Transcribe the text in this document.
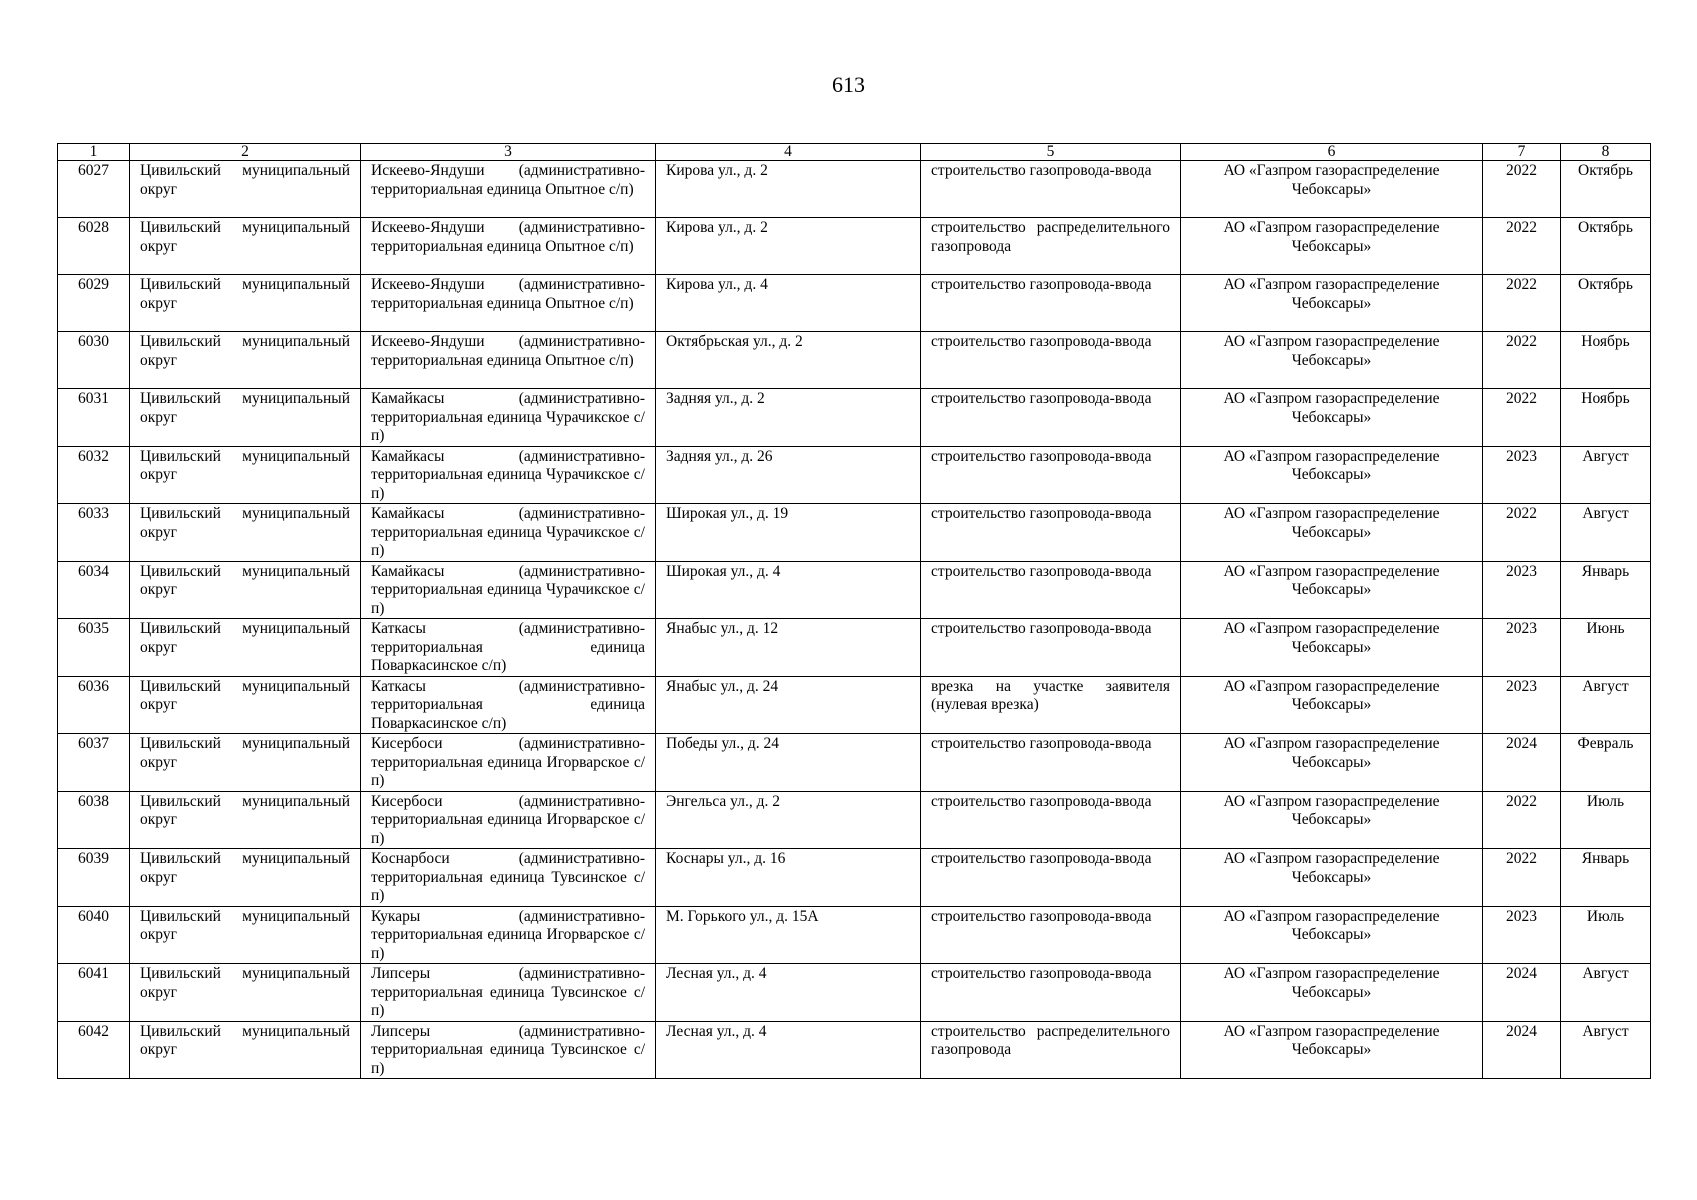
613
1	2	3	4	5	6	7	8
6027	Цивильский муниципальный округ	Искеево-Яндуши (административно-территориальная единица Опытное с/п)	Кирова ул., д. 2	строительство газопровода-ввода	АО «Газпром газораспределение Чебоксары»	2022	Октябрь
6028	Цивильский муниципальный округ	Искеево-Яндуши (административно-территориальная единица Опытное с/п)	Кирова ул., д. 2	строительство распределительного газопровода	АО «Газпром газораспределение Чебоксары»	2022	Октябрь
6029	Цивильский муниципальный округ	Искеево-Яндуши (административно-территориальная единица Опытное с/п)	Кирова ул., д. 4	строительство газопровода-ввода	АО «Газпром газораспределение Чебоксары»	2022	Октябрь
6030	Цивильский муниципальный округ	Искеево-Яндуши (административно-территориальная единица Опытное с/п)	Октябрьская ул., д. 2	строительство газопровода-ввода	АО «Газпром газораспределение Чебоксары»	2022	Ноябрь
6031	Цивильский муниципальный округ	Камайкасы (административно-территориальная единица Чурачикское с/п)	Задняя ул., д. 2	строительство газопровода-ввода	АО «Газпром газораспределение Чебоксары»	2022	Ноябрь
6032	Цивильский муниципальный округ	Камайкасы (административно-территориальная единица Чурачикское с/п)	Задняя ул., д. 26	строительство газопровода-ввода	АО «Газпром газораспределение Чебоксары»	2023	Август
6033	Цивильский муниципальный округ	Камайкасы (административно-территориальная единица Чурачикское с/п)	Широкая ул., д. 19	строительство газопровода-ввода	АО «Газпром газораспределение Чебоксары»	2022	Август
6034	Цивильский муниципальный округ	Камайкасы (административно-территориальная единица Чурачикское с/п)	Широкая ул., д. 4	строительство газопровода-ввода	АО «Газпром газораспределение Чебоксары»	2023	Январь
6035	Цивильский муниципальный округ	Каткасы (административно-территориальная единица Поваркасинское с/п)	Янабыс ул., д. 12	строительство газопровода-ввода	АО «Газпром газораспределение Чебоксары»	2023	Июнь
6036	Цивильский муниципальный округ	Каткасы (административно-территориальная единица Поваркасинское с/п)	Янабыс ул., д. 24	врезка на участке заявителя (нулевая врезка)	АО «Газпром газораспределение Чебоксары»	2023	Август
6037	Цивильский муниципальный округ	Кисербоси (административно-территориальная единица Игорварское с/п)	Победы ул., д. 24	строительство газопровода-ввода	АО «Газпром газораспределение Чебоксары»	2024	Февраль
6038	Цивильский муниципальный округ	Кисербоси (административно-территориальная единица Игорварское с/п)	Энгельса ул., д. 2	строительство газопровода-ввода	АО «Газпром газораспределение Чебоксары»	2022	Июль
6039	Цивильский муниципальный округ	Коснарбоси (административно-территориальная единица Тувсинское с/п)	Коснары ул., д. 16	строительство газопровода-ввода	АО «Газпром газораспределение Чебоксары»	2022	Январь
6040	Цивильский муниципальный округ	Кукары (административно-территориальная единица Игорварское с/п)	М. Горького ул., д. 15А	строительство газопровода-ввода	АО «Газпром газораспределение Чебоксары»	2023	Июль
6041	Цивильский муниципальный округ	Липсеры (административно-территориальная единица Тувсинское с/п)	Лесная ул., д. 4	строительство газопровода-ввода	АО «Газпром газораспределение Чебоксары»	2024	Август
6042	Цивильский муниципальный округ	Липсеры (административно-территориальная единица Тувсинское с/п)	Лесная ул., д. 4	строительство распределительного газопровода	АО «Газпром газораспределение Чебоксары»	2024	Август
